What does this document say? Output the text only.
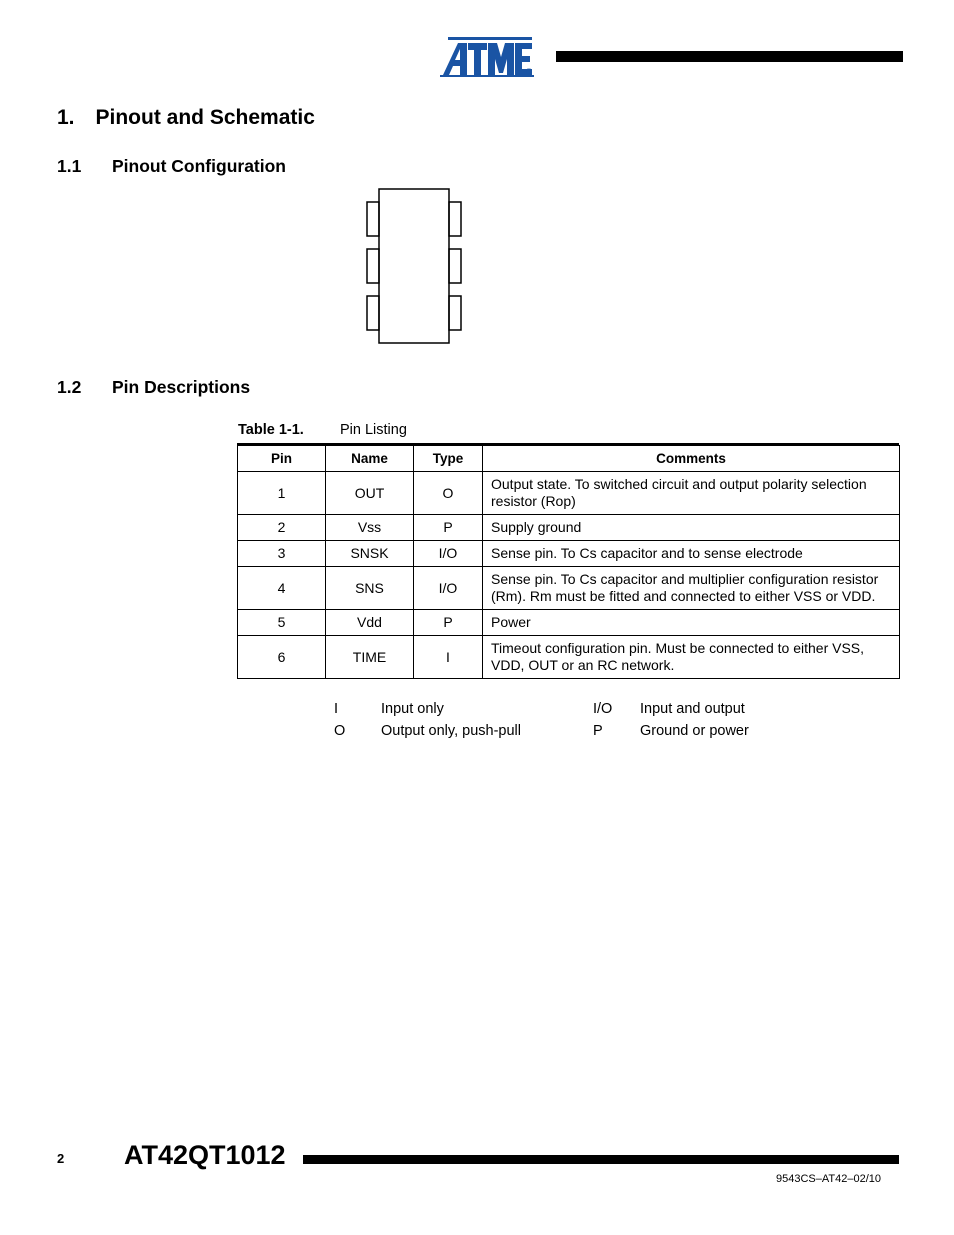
®
1. Pinout and Schematic
1.1 Pinout Configuration
1.2 Pin Descriptions
Table 1-1. Pin Listing
Pin	Name	Type	Comments
1	OUT	O	Output state. To switched circuit and output polarity selection resistor (Rop)
2	Vss	P	Supply ground
3	SNSK	I/O	Sense pin. To Cs capacitor and to sense electrode
4	SNS	I/O	Sense pin. To Cs capacitor and multiplier configuration resistor (Rm). Rm must be fitted and connected to either VSS or VDD.
5	Vdd	P	Power
6	TIME	I	Timeout configuration pin. Must be connected to either VSS, VDD, OUT or an RC network.
I	Input only	I/O Input and output
O Output only, push-pull	P	Ground or power
2 AT42QT1012
9543CS–AT42–02/10
